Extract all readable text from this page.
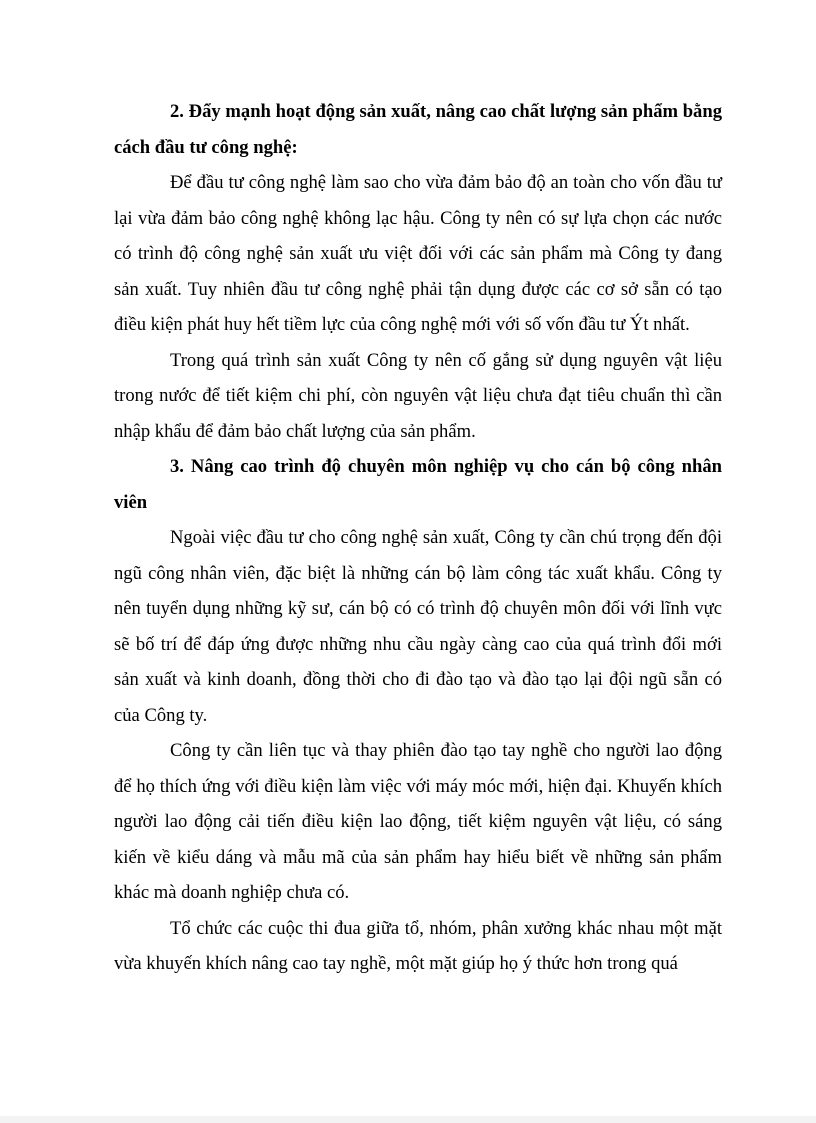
2. Đẩy mạnh hoạt động sản xuất, nâng cao chất lượng sản phẩm bằng cách đầu tư công nghệ:

Để đầu tư công nghệ làm sao cho vừa đảm bảo độ an toàn cho vốn đầu tư lại vừa đảm bảo công nghệ không lạc hậu. Công ty nên có sự lựa chọn các nước có trình độ công nghệ sản xuất ưu việt đối với các sản phẩm mà Công ty đang sản xuất. Tuy nhiên đầu tư công nghệ phải tận dụng được các cơ sở sẵn có tạo điều kiện phát huy hết tiềm lực của công nghệ mới với số vốn đầu tư Ýt nhất.

Trong quá trình sản xuất Công ty nên cố gắng sử dụng nguyên vật liệu trong nước để tiết kiệm chi phí, còn nguyên vật liệu chưa đạt tiêu chuẩn thì cần nhập khẩu để đảm bảo chất lượng của sản phẩm.

3. Nâng cao trình độ chuyên môn nghiệp vụ cho cán bộ công nhân viên

Ngoài việc đầu tư cho công nghệ sản xuất, Công ty cần chú trọng đến đội ngũ công nhân viên, đặc biệt là những cán bộ làm công tác xuất khẩu. Công ty nên tuyển dụng những kỹ sư, cán bộ có có trình độ chuyên môn đối với lĩnh vực sẽ bố trí để đáp ứng được những nhu cầu ngày càng cao của quá trình đổi mới sản xuất và kinh doanh, đồng thời cho đi đào tạo và đào tạo lại đội ngũ sẵn có của Công ty.

Công ty cần liên tục và thay phiên đào tạo tay nghề cho người lao động để họ thích ứng với điều kiện làm việc với máy móc mới, hiện đại. Khuyến khích người lao động cải tiến điều kiện lao động, tiết kiệm nguyên vật liệu, có sáng kiến về kiểu dáng và mẫu mã của sản phẩm hay hiểu biết về những sản phẩm khác mà doanh nghiệp chưa có.

Tổ chức các cuộc thi đua giữa tổ, nhóm, phân xưởng khác nhau một mặt vừa khuyến khích nâng cao tay nghề, một mặt giúp họ ý thức hơn trong quá
